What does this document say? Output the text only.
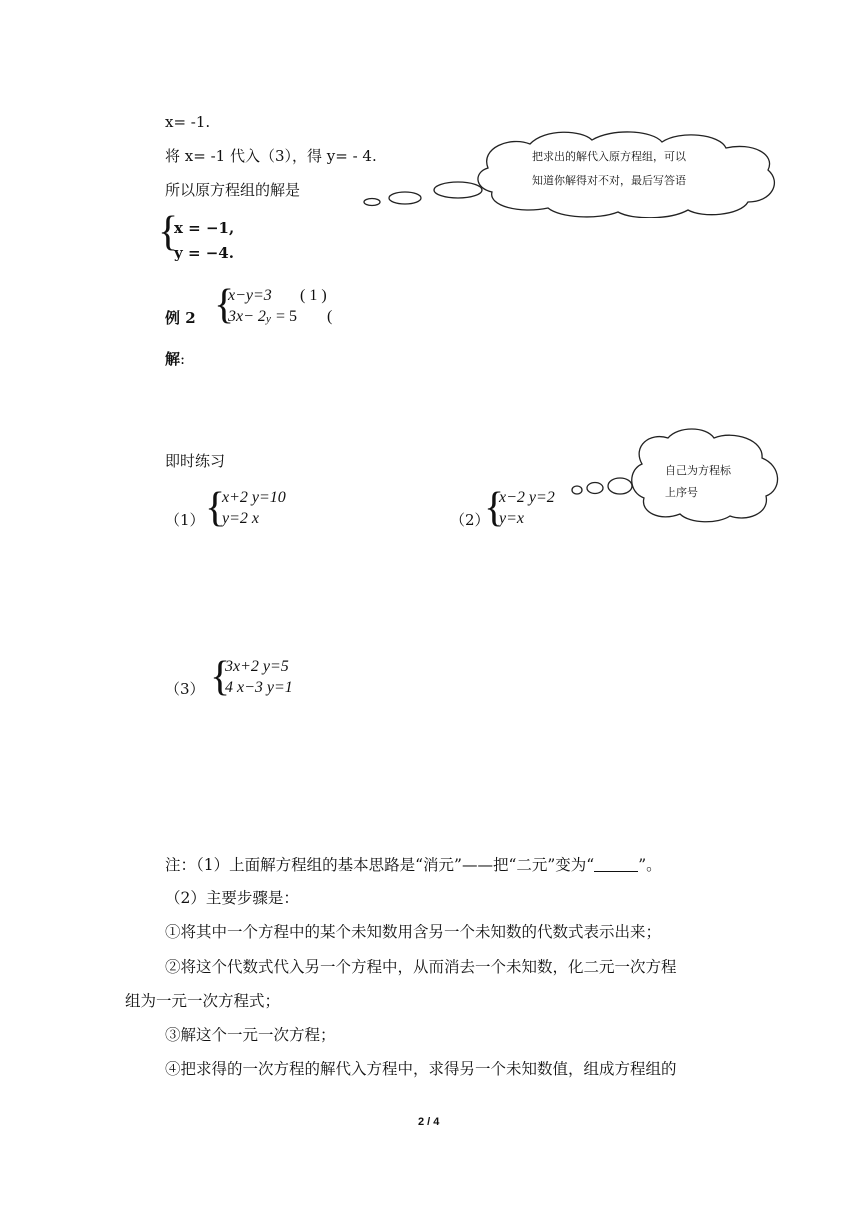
x= -1.
将 x= -1 代入（3），得 y= - 4.
所以原方程组的解是
{
x = −1,
y = −4.
把求出的解代入原方程组，可以
知道你解得对不对，最后写答语
例 2 {
x−y=3 ( 1 )
3x− 2 y = 5 (
解:
即时练习
（1） {
x+2 y=10
y=2 x	（2）
{
x−2 y=2
y=x
自己为方程标
上序号
（3） {
3x+2 y=5
4 x−3 y=1
注：（1）上面解方程组的基本思路是“消元”——把“二元”变为“	”。
（2）主要步骤是：
①将其中一个方程中的某个未知数用含另一个未知数的代数式表示出来；
②将这个代数式代入另一个方程中，从而消去一个未知数，化二元一次方程
组为一元一次方程式；
③解这个一元一次方程；
④把求得的一次方程的解代入方程中，求得另一个未知数值，组成方程组的
2 / 4
